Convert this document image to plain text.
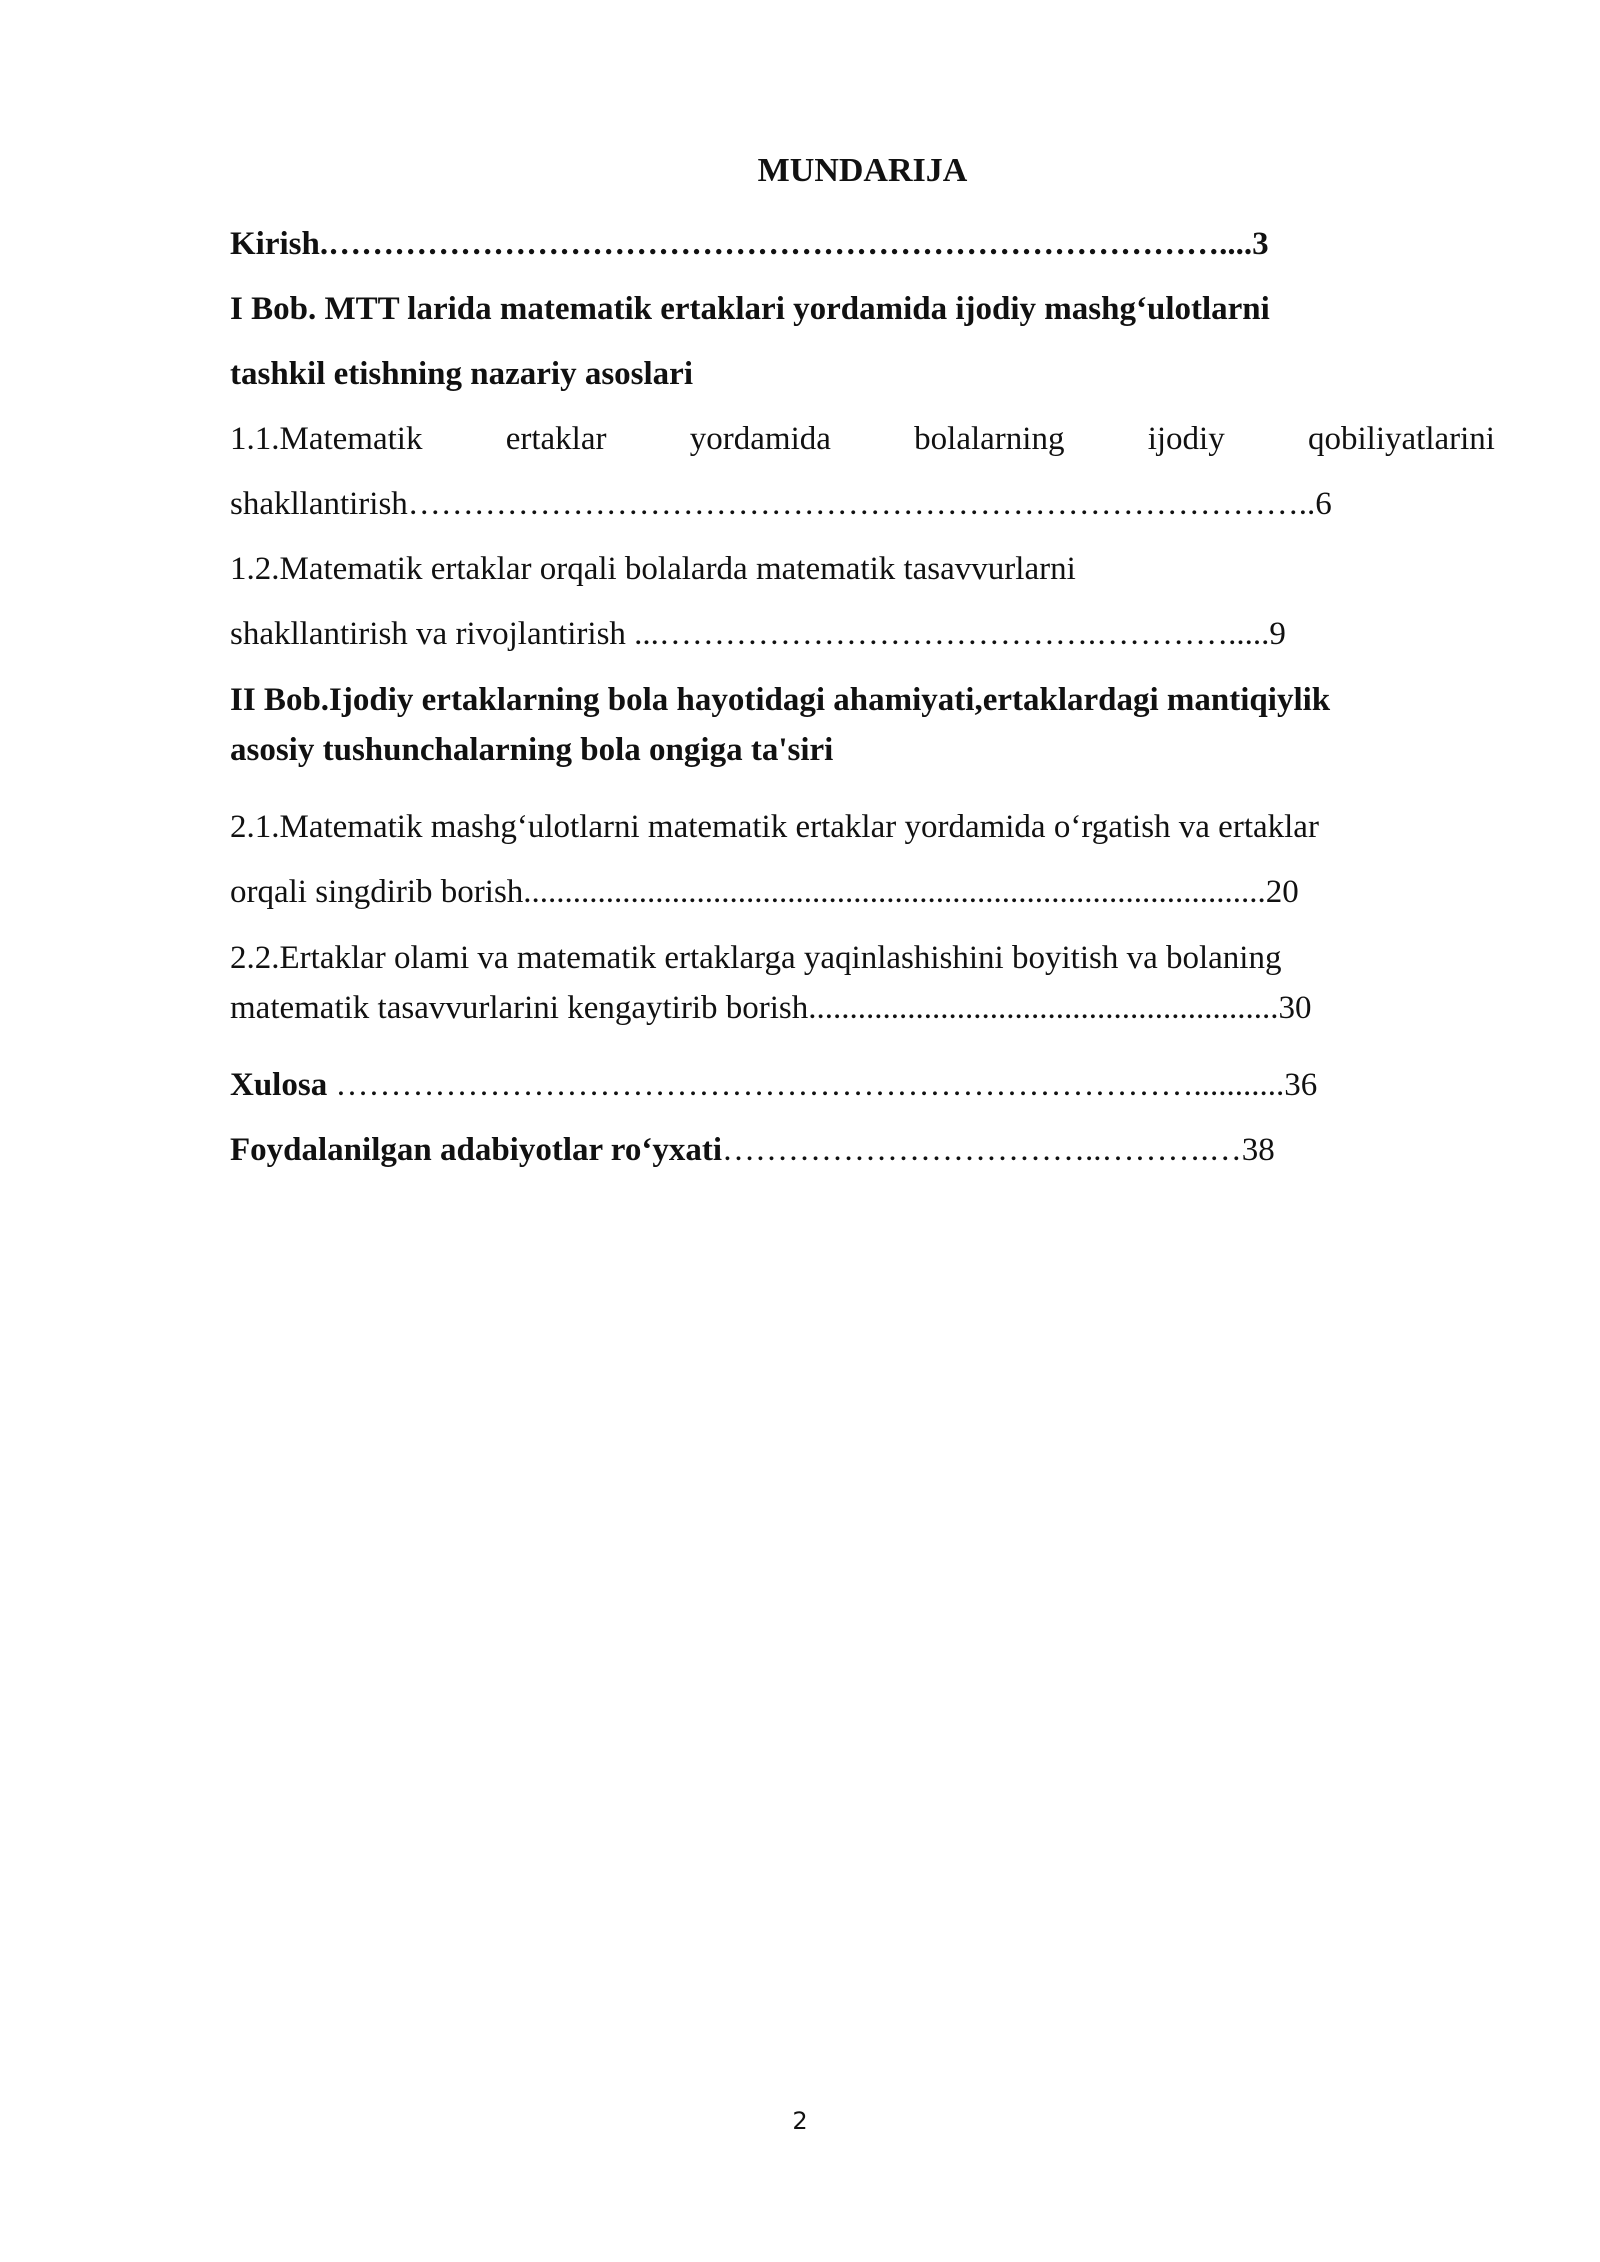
MUNDARIJA
Kirish.………………………………………………………………………....3
I Bob. MTT larida matematik ertaklari yordamida ijodiy mashg‘ulotlarni
tashkil etishning nazariy asoslari
1.1.Matematik	ertaklar	yordamida	bolalarning	ijodiy	qobiliyatlarini
shakllantirish………………………………………………………………………..6
1.2.Matematik ertaklar orqali bolalarda matematik tasavvurlarni
shakllantirish va rivojlantirish ...………………………………….………….....9
II Bob.Ijodiy ertaklarning bola hayotidagi ahamiyati,ertaklardagi mantiqiylik
asosiy tushunchalarning bola ongiga ta'siri
2.1.Matematik mashg‘ulotlarni matematik ertaklar yordamida o‘rgatish va ertaklar
orqali singdirib borish..........................................................................................20
2.2.Ertaklar olami va matematik ertaklarga yaqinlashishini boyitish va bolaning
matematik tasavvurlarini kengaytirib borish.........................................................30
Xulosa ……………………………………………………………………...........36
Foydalanilgan adabiyotlar ro‘yxati……………………………..……….…38
2
